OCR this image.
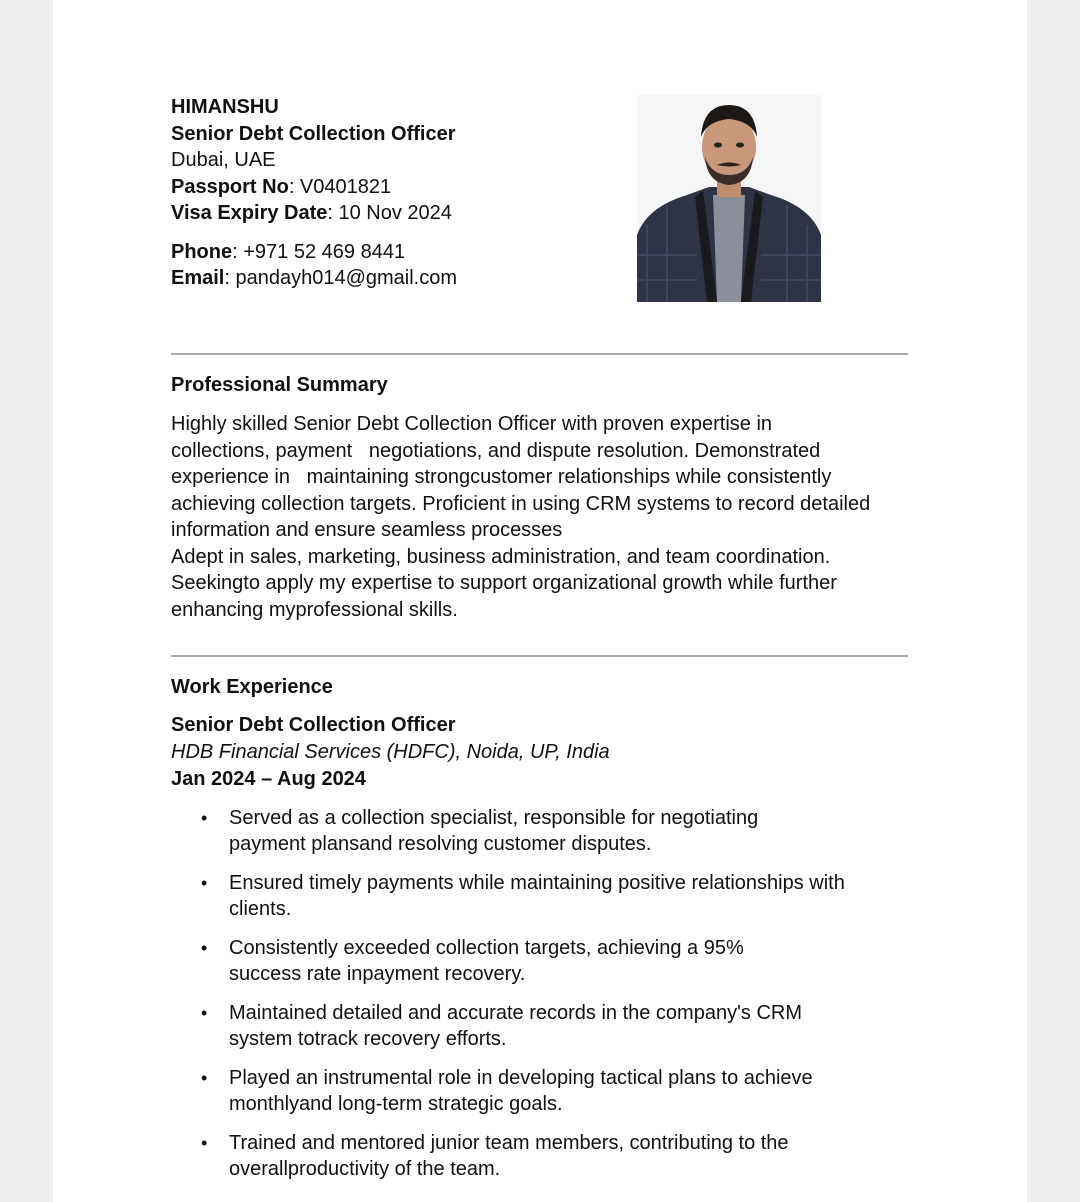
HIMANSHU
Senior Debt Collection Officer
Dubai, UAE
Passport No: V0401821
Visa Expiry Date: 10 Nov 2024
Phone: +971 52 469 8441
Email: pandayh014@gmail.com
Professional Summary
Highly skilled Senior Debt Collection Officer with proven expertise in
collections, payment   negotiations, and dispute resolution. Demonstrated
experience in   maintaining strongcustomer relationships while consistently
achieving collection targets. Proficient in using CRM systems to record detailed
information and ensure seamless processes
Adept in sales, marketing, business administration, and team coordination.
Seekingto apply my expertise to support organizational growth while further
enhancing myprofessional skills.
Work Experience
Senior Debt Collection Officer
HDB Financial Services (HDFC), Noida, UP, India
Jan 2024 – Aug 2024
• Served as a collection specialist, responsible for negotiating
payment plansand resolving customer disputes.
• Ensured timely payments while maintaining positive relationships with
clients.
• Consistently exceeded collection targets, achieving a 95%
success rate inpayment recovery.
• Maintained detailed and accurate records in the company's CRM
system totrack recovery efforts.
• Played an instrumental role in developing tactical plans to achieve
monthlyand long-term strategic goals.
• Trained and mentored junior team members, contributing to the
overallproductivity of the team.
